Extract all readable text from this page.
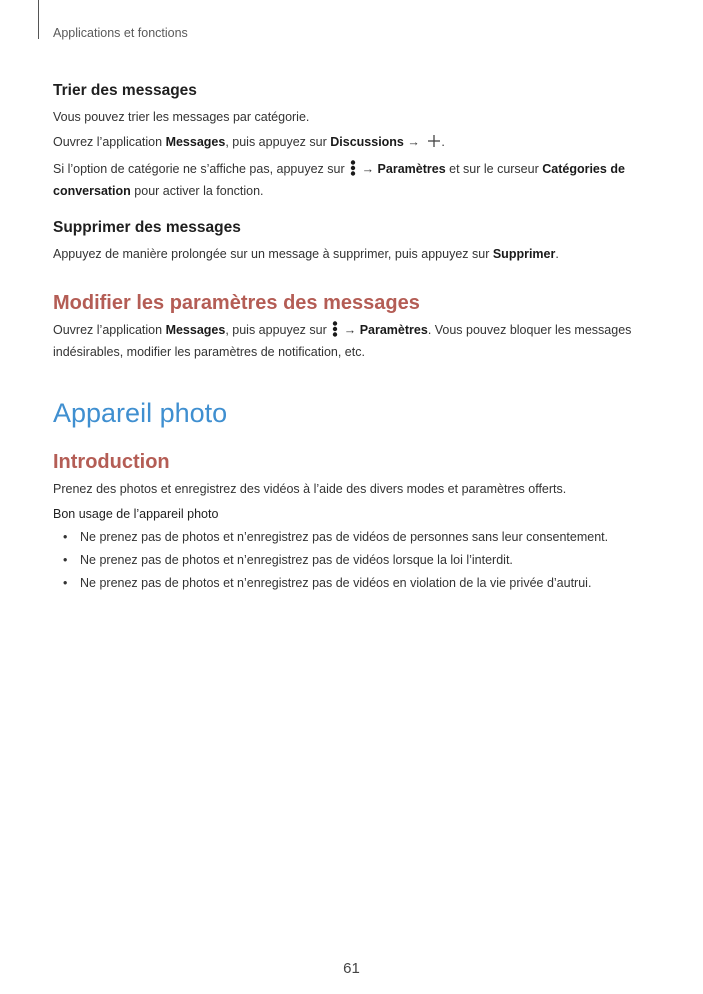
Applications et fonctions
Trier des messages

Vous pouvez trier les messages par catégorie.

Ouvrez l’application Messages, puis appuyez sur Discussions → .

Si l’option de catégorie ne s’affiche pas, appuyez sur  → Paramètres et sur le curseur Catégories de conversation pour activer la fonction.

Supprimer des messages

Appuyez de manière prolongée sur un message à supprimer, puis appuyez sur Supprimer.

Modifier les paramètres des messages

Ouvrez l’application Messages, puis appuyez sur  → Paramètres. Vous pouvez bloquer les messages indésirables, modifier les paramètres de notification, etc.

Appareil photo
Introduction

Prenez des photos et enregistrez des vidéos à l’aide des divers modes et paramètres offerts.

Bon usage de l’appareil photo

• Ne prenez pas de photos et n’enregistrez pas de vidéos de personnes sans leur consentement.
• Ne prenez pas de photos et n’enregistrez pas de vidéos lorsque la loi l’interdit.
• Ne prenez pas de photos et n’enregistrez pas de vidéos en violation de la vie privée d’autrui.
61
